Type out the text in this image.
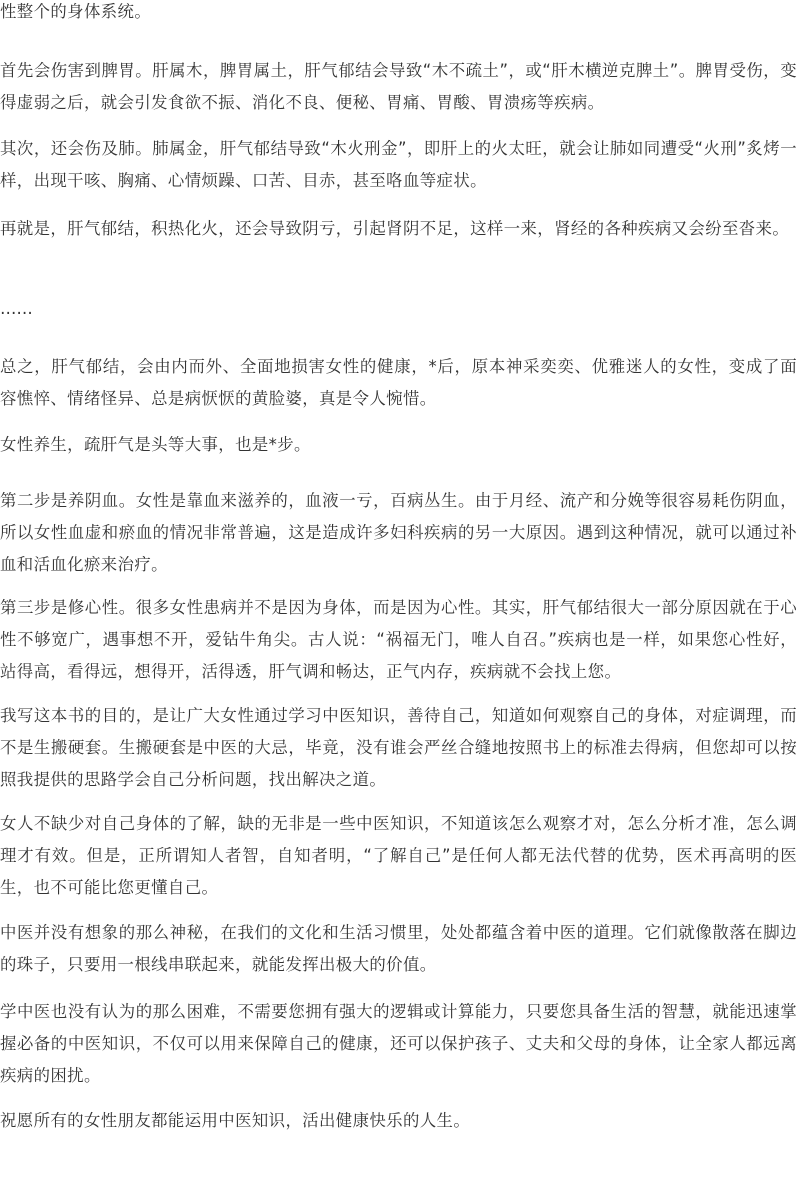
性整个的身体系统。

首先会伤害到脾胃。肝属木，脾胃属土，肝气郁结会导致“木不疏土”，或“肝木横逆克脾土”。脾胃受伤，变得虚弱之后，就会引发食欲不振、消化不良、便秘、胃痛、胃酸、胃溃疡等疾病。

其次，还会伤及肺。肺属金，肝气郁结导致“木火刑金”，即肝上的火太旺，就会让肺如同遭受“火刑”炙烤一样，出现干咳、胸痛、心情烦躁、口苦、目赤，甚至咯血等症状。

再就是，肝气郁结，积热化火，还会导致阴亏，引起肾阴不足，这样一来，肾经的各种疾病又会纷至沓来。

……

总之，肝气郁结，会由内而外、全面地损害女性的健康，*后，原本神采奕奕、优雅迷人的女性，变成了面容憔悴、情绪怪异、总是病恹恹的黄脸婆，真是令人惋惜。

女性养生，疏肝气是头等大事，也是*步。

第二步是养阴血。女性是靠血来滋养的，血液一亏，百病丛生。由于月经、流产和分娩等很容易耗伤阴血，所以女性血虚和瘀血的情况非常普遍，这是造成许多妇科疾病的另一大原因。遇到这种情况，就可以通过补血和活血化瘀来治疗。

第三步是修心性。很多女性患病并不是因为身体，而是因为心性。其实，肝气郁结很大一部分原因就在于心性不够宽广，遇事想不开，爱钻牛角尖。古人说：“祸福无门，唯人自召。”疾病也是一样，如果您心性好，站得高，看得远，想得开，活得透，肝气调和畅达，正气内存，疾病就不会找上您。

我写这本书的目的，是让广大女性通过学习中医知识，善待自己，知道如何观察自己的身体，对症调理，而不是生搬硬套。生搬硬套是中医的大忌，毕竟，没有谁会严丝合缝地按照书上的标准去得病，但您却可以按照我提供的思路学会自己分析问题，找出解决之道。

女人不缺少对自己身体的了解，缺的无非是一些中医知识，不知道该怎么观察才对，怎么分析才准，怎么调理才有效。但是，正所谓知人者智，自知者明，“了解自己”是任何人都无法代替的优势，医术再高明的医生，也不可能比您更懂自己。

中医并没有想象的那么神秘，在我们的文化和生活习惯里，处处都蕴含着中医的道理。它们就像散落在脚边的珠子，只要用一根线串联起来，就能发挥出极大的价值。

学中医也没有认为的那么困难，不需要您拥有强大的逻辑或计算能力，只要您具备生活的智慧，就能迅速掌握必备的中医知识，不仅可以用来保障自己的健康，还可以保护孩子、丈夫和父母的身体，让全家人都远离疾病的困扰。

祝愿所有的女性朋友都能运用中医知识，活出健康快乐的人生。
